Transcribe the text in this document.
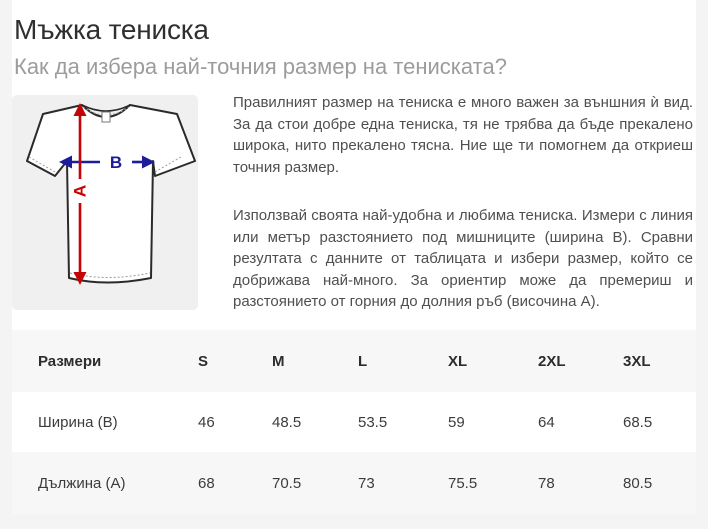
Мъжка тениска
Как да избера най-точния размер на тениската?
B
A

Правилният размер на тениска е много важен за външния ѝ вид. За да стои добре една тениска, тя не трябва да бъде прекалено широка, нито прекалено тясна. Ние ще ти помогнем да откриеш точния размер.

Използвай своята най-удобна и любима тениска. Измери с линия или метър разстоянието под мишниците (ширина B). Сравни резултата с данните от таблицата и избери размер, който се добрижава най-много. За ориентир може да премериш и разстоянието от горния до долния ръб (височина A).

Размери	S	M	L	XL	2XL	3XL
Ширина (B)	46	48.5	53.5	59	64	68.5
Дължина (А)	68	70.5	73	75.5	78	80.5
